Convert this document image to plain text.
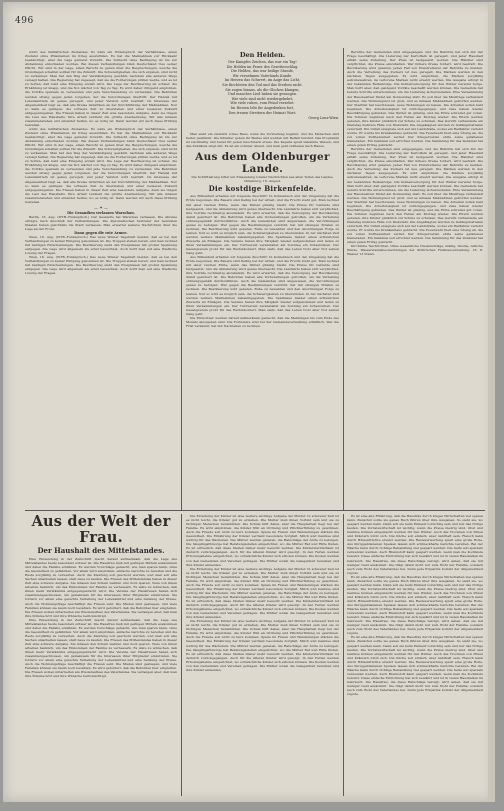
496

wicht des militärischen Zustandes. Es wäre ein Widerspruch der Verhältnisse, einen Zustand ohne Präsidenten im Krieg auszufüllen. Es hat die Maßnahmen zur Rückkehr beabsichtigt, aber die Lage gebietet Vorsicht. Die Schlacht ohne Bedingung ist bis zur Abdankung entschieden worden. Bei diesen Verhandlungen blieb Deutschland treu seiner Pflicht. Wir sind in der Lage, einen Bericht zu geben über die Besprechungen, welche die Grundlagen schaffen sollten für die Zukunft. Die Schwierigkeiten, die sich ergeben, sind nicht zu verkennen. Man hat den Weg der Verständigung gewählt, nachdem alle anderen Wege versagt hatten. Die Regierung hat zugesagt, daß sie die Forderungen prüfen werde, und es ist zu hoffen, daß bald eine Einigung erzielt wird. Die Lage der Bevölkerung ist schwer, die Ernährung ist knapp, und die Not wächst von Tag zu Tag. Es wird daher dringend empfohlen, die Vorräte sparsam zu verwenden und jede Verschwendung zu vermeiden. Die Behörden werden streng gegen jeden vorgehen, der die Verordnungen übertritt. Der Handel mit Lebensmitteln ist genau geregelt, und jeder Verstoß wird bestraft. Im Interesse der Allgemeinheit liegt es, daß alle Kreise mitwirken an der Durchführung der Maßnahmen. Nur so kann es gelingen, die schwere Zeit zu überstehen und einer besseren Zukunft entgegenzugehen. Die Frauen haben in dieser Zeit eine besondere Aufgabe, denn sie tragen die Last des Haushalts. Ihre Arbeit verdient die größte Anerkennung. Wir alle müssen zusammenstehen und einander helfen, wo es nötig ist. Dann werden wir auch diese Prüfung bestehen.

wicht des militärischen Zustandes. Es wäre ein Widerspruch der Verhältnisse, einen Zustand ohne Präsidenten im Krieg auszufüllen. Es hat die Maßnahmen zur Rückkehr beabsichtigt, aber die Lage gebietet Vorsicht. Die Schlacht ohne Bedingung ist bis zur Abdankung entschieden worden. Bei diesen Verhandlungen blieb Deutschland treu seiner Pflicht. Wir sind in der Lage, einen Bericht zu geben über die Besprechungen, welche die Grundlagen schaffen sollten für die Zukunft. Die Schwierigkeiten, die sich ergeben, sind nicht zu verkennen. Man hat den Weg der Verständigung gewählt, nachdem alle anderen Wege versagt hatten. Die Regierung hat zugesagt, daß sie die Forderungen prüfen werde, und es ist zu hoffen, daß bald eine Einigung erzielt wird. Die Lage der Bevölkerung ist schwer, die Ernährung ist knapp, und die Not wächst von Tag zu Tag. Es wird daher dringend empfohlen, die Vorräte sparsam zu verwenden und jede Verschwendung zu vermeiden. Die Behörden werden streng gegen jeden vorgehen, der die Verordnungen übertritt. Der Handel mit Lebensmitteln ist genau geregelt, und jeder Verstoß wird bestraft. Im Interesse der Allgemeinheit liegt es, daß alle Kreise mitwirken an der Durchführung der Maßnahmen. Nur so kann es gelingen, die schwere Zeit zu überstehen und einer besseren Zukunft entgegenzugehen. Die Frauen haben in dieser Zeit eine besondere Aufgabe, denn sie tragen die Last des Haushalts. Ihre Arbeit verdient die größte Anerkennung. Wir alle müssen zusammenstehen und einander helfen, wo es nötig ist. Dann werden wir auch diese Prüfung bestehen.

— ✦ —
Die Gesandten verlassen Warschau.

Berlin, 16. Aug. (WTB.-Funkspruch.) Der Gesandte hat Warschau verlassen. Die Abreise erfolgte nach Abschluß der Verhandlungen. Die diplomatischen Vertreter der neutralen Staaten haben gleichfalls die Stadt verlassen. Man erwartet weitere Nachrichten über die Lage an der Front.

Dann gegen die rote Armee.

Wien, 16. Aug. (WTB.-Funkspruch.) Das neue Wiener Tageblatt meldet, daß es bei den Verhandlungen zu keiner Einigung gekommen ist. Die Truppen stehen bereit, und man rechnet mit baldigen Entscheidungen. Die Bevölkerung sieht den Ereignissen mit großer Spannung entgegen. Die Lage wird allgemein als ernst bezeichnet, doch hofft man auf eine friedliche Lösung der Fragen.

Wien, 16. Aug. (WTB.-Funkspruch.) Das neue Wiener Tageblatt meldet, daß es bei den Verhandlungen zu keiner Einigung gekommen ist. Die Truppen stehen bereit, und man rechnet mit baldigen Entscheidungen. Die Bevölkerung sieht den Ereignissen mit großer Spannung entgegen. Die Lage wird allgemein als ernst bezeichnet, doch hofft man auf eine friedliche Lösung der Fragen.

Den Helden.

Der Kampfes Zeichen, das war ein Tag!

Die Helden im Feuer des Gewitterschlag.

Die Helden, das war heilige Stunde,

Wir vernehmen Vaterlands Kunde.

Im Herzen das Schwert, im Auge das Licht,

Sie fürchteten den Tod und das Sterben nicht.

Sie zogen hinaus, als die Glocken klangen,

Und manches Lied haben sie gesungen.

Wie viele sind nicht wiedergekehrt,

Wie viele ruhen, vom Feind verzehrt.

Im Herzen lebt ihr Angedenken fort,

Den treuen Streitern der Heimat Wort.

Georg Lenz-Wien.

Man sieht ein ziemlich volles Haus, wenn die Vorstellung beginnt, und die Menschen sind heiter gestimmt. Die Künstler geben ihr Bestes und werden mit Beifall belohnt. Das Programm ist reichhaltig und bietet für jeden Geschmack etwas. Die Kapelle spielt bekannte Weisen, und das Publikum singt mit. Es ist ein schöner Abend, und man geht zufrieden nach Hause.

Aus dem Oldenburger Lande.

Die Schriftleitung bittet um Einsendung lokaler Nachrichten aus allen Teilen des Landes. Oldenburg, 16. August.

Die kostdige Birkenfelde.

Aus Birkenfeld erhalten wir folgende Zuschrift: In Kohlenbach und der Umgebung hat die Ernte begonnen. Die Bauern sind fleißig bei der Arbeit, und die Frucht steht gut. Man rechnet mit einer reichen Ernte, wenn das Wetter günstig bleibt. Die Preise für Getreide sind festgesetzt, und die Ablieferung wird genau überwacht. Die Landwirte haben sich verpflichtet, ihre Vorräte rechtzeitig abzuliefern. Es wird erwartet, daß die Versorgung der Bevölkerung damit gesichert ist. Die Behörden haben alle Vorbereitungen getroffen, um die Verteilung ordnungsgemäß durchzuführen. Auch die Gemeinden sind angewiesen, die Verordnungen genau zu befolgen. Wer gegen die Bestimmungen verstößt, hat mit strengen Strafen zu rechnen. Die Bevölkerung wird gebeten, Ruhe zu bewahren und den Anordnungen Folge zu leisten. Nur so wird es möglich sein, die Schwierigkeiten zu überwinden. In der nächsten Zeit werden weitere Maßnahmen bekanntgegeben. Die Sparkasse meldet einen erfreulichen Zuwachs an Einlagen. Die Vereine haben ihre Tätigkeit wieder aufgenommen und laden zu ihren Versammlungen ein. Der Turnverein veranstaltet am Sonntag ein Schauturnen. Der Gesangverein probt für das Herbstkonzert. Man sieht, daß das Leben trotz aller Not seinen Gang geht.

Aus Birkenfeld erhalten wir folgende Zuschrift: In Kohlenbach und der Umgebung hat die Ernte begonnen. Die Bauern sind fleißig bei der Arbeit, und die Frucht steht gut. Man rechnet mit einer reichen Ernte, wenn das Wetter günstig bleibt. Die Preise für Getreide sind festgesetzt, und die Ablieferung wird genau überwacht. Die Landwirte haben sich verpflichtet, ihre Vorräte rechtzeitig abzuliefern. Es wird erwartet, daß die Versorgung der Bevölkerung damit gesichert ist. Die Behörden haben alle Vorbereitungen getroffen, um die Verteilung ordnungsgemäß durchzuführen. Auch die Gemeinden sind angewiesen, die Verordnungen genau zu befolgen. Wer gegen die Bestimmungen verstößt, hat mit strengen Strafen zu rechnen. Die Bevölkerung wird gebeten, Ruhe zu bewahren und den Anordnungen Folge zu leisten. Nur so wird es möglich sein, die Schwierigkeiten zu überwinden. In der nächsten Zeit werden weitere Maßnahmen bekanntgegeben. Die Sparkasse meldet einen erfreulichen Zuwachs an Einlagen. Die Vereine haben ihre Tätigkeit wieder aufgenommen und laden zu ihren Versammlungen ein. Der Turnverein veranstaltet am Sonntag ein Schauturnen. Der Gesangverein probt für das Herbstkonzert. Man sieht, daß das Leben trotz aller Not seinen Gang geht.

Die Einwohner werden darauf aufmerksam gemacht, daß die Meldungen bis zum Ende des Monats abzugeben sind. Die Formulare sind bei der Gemeindeverwaltung erhältlich. Wer die Frist versäumt, hat mit Nachteilen zu rechnen.

Berichte der Gemeinden sind eingegangen, und die Behörde hat sich mit der Frage beschäftigt. Die Lieferung der Kartoffeln ist geregelt, und jeder Haushalt erhält seine Zuteilung. Der Preis ist festgesetzt worden. Die Händler sind verpflichtet, die Preise einzuhalten. Wer höhere Preise fordert, wird bestraft. Die Bevölkerung wird gebeten, jeden Fall von Preistreiberei der Behörde zu melden. Auch die Verteilung des Zuckers ist neu geregelt. Die Marken werden in den nächsten Tagen ausgegeben. Es wird empfohlen, die Marken sorgfältig aufzubewahren, da verlorene Marken nicht ersetzt werden. Die Ausgabe erfolgt in der bekannten Reihenfolge. Die Kohlenversorgung für den Winter bereitet Sorge. Man hofft aber, daß genügend Vorräte beschafft werden können. Die Gemeinde hat bereits Schritte unternommen, um die Lieferung sicherzustellen. Eine Versammlung der Hausbesitzer findet am Donnerstag statt. Es soll über die Mietfrage verhandelt werden. Die Wohnungsnot ist groß, und es müssen Maßnahmen getroffen werden. Der Stadtrat hat beschlossen, neue Wohnungen zu bauen. Die Arbeiten sollen bald beginnen. Die Arbeitslosigkeit ist zurückgegangen, und viele haben wieder Beschäftigung gefunden. Das Wetter ist günstig, und die Ernte schreitet gut voran. Die Schulen beginnen nach den Ferien am Montag wieder. Die Eltern werden gebeten, ihre Kinder pünktlich zur Schule zu schicken. Das Gericht verhandelte am Dienstag mehrere Fälle von Diebstahl. Die Angeklagten wurden zu Gefängnisstrafen verurteilt. Ein Unfall ereignete sich auf der Landstraße, wobei ein Radfahrer verletzt wurde. Er wurde ins Krankenhaus gebracht. Die Feuerwehr hielt eine Übung ab, die zur vollen Zufriedenheit verlief. Der Kriegerverein ehrte seine gefallenen Kameraden. Ein Denkmal soll errichtet werden. Die Sammlung für das Denkmal hat einen guten Ertrag gebracht.

Berichte der Gemeinden sind eingegangen, und die Behörde hat sich mit der Frage beschäftigt. Die Lieferung der Kartoffeln ist geregelt, und jeder Haushalt erhält seine Zuteilung. Der Preis ist festgesetzt worden. Die Händler sind verpflichtet, die Preise einzuhalten. Wer höhere Preise fordert, wird bestraft. Die Bevölkerung wird gebeten, jeden Fall von Preistreiberei der Behörde zu melden. Auch die Verteilung des Zuckers ist neu geregelt. Die Marken werden in den nächsten Tagen ausgegeben. Es wird empfohlen, die Marken sorgfältig aufzubewahren, da verlorene Marken nicht ersetzt werden. Die Ausgabe erfolgt in der bekannten Reihenfolge. Die Kohlenversorgung für den Winter bereitet Sorge. Man hofft aber, daß genügend Vorräte beschafft werden können. Die Gemeinde hat bereits Schritte unternommen, um die Lieferung sicherzustellen. Eine Versammlung der Hausbesitzer findet am Donnerstag statt. Es soll über die Mietfrage verhandelt werden. Die Wohnungsnot ist groß, und es müssen Maßnahmen getroffen werden. Der Stadtrat hat beschlossen, neue Wohnungen zu bauen. Die Arbeiten sollen bald beginnen. Die Arbeitslosigkeit ist zurückgegangen, und viele haben wieder Beschäftigung gefunden. Das Wetter ist günstig, und die Ernte schreitet gut voran. Die Schulen beginnen nach den Ferien am Montag wieder. Die Eltern werden gebeten, ihre Kinder pünktlich zur Schule zu schicken. Das Gericht verhandelte am Dienstag mehrere Fälle von Diebstahl. Die Angeklagten wurden zu Gefängnisstrafen verurteilt. Ein Unfall ereignete sich auf der Landstraße, wobei ein Radfahrer verletzt wurde. Er wurde ins Krankenhaus gebracht. Die Feuerwehr hielt eine Übung ab, die zur vollen Zufriedenheit verlief. Der Kriegerverein ehrte seine gefallenen Kameraden. Ein Denkmal soll errichtet werden. Die Sammlung für das Denkmal hat einen guten Ertrag gebracht.

Kirchliche Nachrichten. Ohne wesentliche Niederschläge, mäßig, frische, östliche Winde. Wasserstandsbeobachtungen der Stöhrlichen Flußbauverwaltung: 16. 8. Wasser 13 Stand.

Aus der Welt der Frau.
Der Haushalt des Mittelstandes.

Eine Einsendung in der Zeitschrift macht darauf aufmerksam, daß die Lage des Mittelstandes heute besonders schwer ist. Die Hausfrau muß mit geringen Mitteln auskommen und dabei die Familie ernähren. Es werden Vorschläge gemacht, wie man sparen kann, ohne die Gesundheit zu gefährden. Vor allem wird empfohlen, einfache Gerichte zu bereiten und die Reste sorgfältig zu verwerten. Auch die Kleidung soll geschont werden, und man soll alte Sachen umarbeiten lassen, statt neue zu kaufen. Die Frauen des Mittelstandes haben in dieser Zeit eine schwere Aufgabe. Sie müssen den Schein wahren und doch sparen. Viele von ihnen arbeiten heimlich, um das Einkommen der Familie zu verbessern. Es wäre zu wünschen, daß ihnen mehr Verständnis entgegengebracht wird. Die Vereine der Hausfrauen haben sich zusammengeschlossen, um gemeinsam für die Interessen ihrer Mitglieder einzutreten. Sie fordern vor allem eine gerechte Verteilung der Lebensmittel und eine Senkung der Preise. Auch die Wohnungsfrage beschäftigt die Frauen sehr. Die Mieten sind gestiegen, und viele Familien können sie kaum noch bezahlen. Es wird gefordert, daß die Behörden hier eingreifen. Die Frauen wollen mitarbeiten am Wiederaufbau des Vaterlandes. Sie verlangen aber, daß man ihre Stimme hört und ihre Wünsche berücksichtigt.

Eine Einsendung in der Zeitschrift macht darauf aufmerksam, daß die Lage des Mittelstandes heute besonders schwer ist. Die Hausfrau muß mit geringen Mitteln auskommen und dabei die Familie ernähren. Es werden Vorschläge gemacht, wie man sparen kann, ohne die Gesundheit zu gefährden. Vor allem wird empfohlen, einfache Gerichte zu bereiten und die Reste sorgfältig zu verwerten. Auch die Kleidung soll geschont werden, und man soll alte Sachen umarbeiten lassen, statt neue zu kaufen. Die Frauen des Mittelstandes haben in dieser Zeit eine schwere Aufgabe. Sie müssen den Schein wahren und doch sparen. Viele von ihnen arbeiten heimlich, um das Einkommen der Familie zu verbessern. Es wäre zu wünschen, daß ihnen mehr Verständnis entgegengebracht wird. Die Vereine der Hausfrauen haben sich zusammengeschlossen, um gemeinsam für die Interessen ihrer Mitglieder einzutreten. Sie fordern vor allem eine gerechte Verteilung der Lebensmittel und eine Senkung der Preise. Auch die Wohnungsfrage beschäftigt die Frauen sehr. Die Mieten sind gestiegen, und viele Familien können sie kaum noch bezahlen. Es wird gefordert, daß die Behörden hier eingreifen. Die Frauen wollen mitarbeiten am Wiederaufbau des Vaterlandes. Sie verlangen aber, daß man ihre Stimme hört und ihre Wünsche berücksichtigt.

Die Erziehung der Kinder ist eine weitere wichtige Aufgabe der Mutter. In schwerer Zeit ist es nicht leicht, die Kinder gut zu erziehen. Die Mutter muß ihnen Vorbild sein und sie zu tüchtigen Menschen heranbilden. Die Schule hilft dabei, aber die Hauptarbeit liegt bei der Familie. Es wird empfohlen, die Kinder früh an Ordnung und Pflichterfüllung zu gewöhnen. Auch die Freude soll nicht zu kurz kommen. Spiele im Freien und Wanderungen stärken die Gesundheit. Die Ernährung der Kinder verdient besondere Sorgfalt. Milch und Gemüse sind wichtig für das Wachstum. Die Mütter werden gebeten, die Ratschläge der Ärzte zu befolgen. Die Säuglingsfürsorge hat Beratungsstellen eingerichtet, wo die Mütter Rat und Hilfe finden. Es ist erfreulich, daß diese Stellen immer mehr besucht werden. Die Kindersterblichkeit ist dadurch zurückgegangen. Auch für die älteren Kinder wird gesorgt. In den Ferien werden Erholungsheime eingerichtet, wo schwächliche Kinder sich erholen können. Die Kosten werden von den Gemeinden und Vereinen getragen. Die Mütter sollen die Gelegenheit benutzen und ihre Kinder anmelden.

Die Erziehung der Kinder ist eine weitere wichtige Aufgabe der Mutter. In schwerer Zeit ist es nicht leicht, die Kinder gut zu erziehen. Die Mutter muß ihnen Vorbild sein und sie zu tüchtigen Menschen heranbilden. Die Schule hilft dabei, aber die Hauptarbeit liegt bei der Familie. Es wird empfohlen, die Kinder früh an Ordnung und Pflichterfüllung zu gewöhnen. Auch die Freude soll nicht zu kurz kommen. Spiele im Freien und Wanderungen stärken die Gesundheit. Die Ernährung der Kinder verdient besondere Sorgfalt. Milch und Gemüse sind wichtig für das Wachstum. Die Mütter werden gebeten, die Ratschläge der Ärzte zu befolgen. Die Säuglingsfürsorge hat Beratungsstellen eingerichtet, wo die Mütter Rat und Hilfe finden. Es ist erfreulich, daß diese Stellen immer mehr besucht werden. Die Kindersterblichkeit ist dadurch zurückgegangen. Auch für die älteren Kinder wird gesorgt. In den Ferien werden Erholungsheime eingerichtet, wo schwächliche Kinder sich erholen können. Die Kosten werden von den Gemeinden und Vereinen getragen. Die Mütter sollen die Gelegenheit benutzen und ihre Kinder anmelden.

Die Erziehung der Kinder ist eine weitere wichtige Aufgabe der Mutter. In schwerer Zeit ist es nicht leicht, die Kinder gut zu erziehen. Die Mutter muß ihnen Vorbild sein und sie zu tüchtigen Menschen heranbilden. Die Schule hilft dabei, aber die Hauptarbeit liegt bei der Familie. Es wird empfohlen, die Kinder früh an Ordnung und Pflichterfüllung zu gewöhnen. Auch die Freude soll nicht zu kurz kommen. Spiele im Freien und Wanderungen stärken die Gesundheit. Die Ernährung der Kinder verdient besondere Sorgfalt. Milch und Gemüse sind wichtig für das Wachstum. Die Mütter werden gebeten, die Ratschläge der Ärzte zu befolgen. Die Säuglingsfürsorge hat Beratungsstellen eingerichtet, wo die Mütter Rat und Hilfe finden. Es ist erfreulich, daß diese Stellen immer mehr besucht werden. Die Kindersterblichkeit ist dadurch zurückgegangen. Auch für die älteren Kinder wird gesorgt. In den Ferien werden Erholungsheime eingerichtet, wo schwächliche Kinder sich erholen können. Die Kosten werden von den Gemeinden und Vereinen getragen. Die Mütter sollen die Gelegenheit benutzen und ihre Kinder anmelden.

Es ist eine alte Erfahrung, daß die Hausfrau durch kluges Wirtschaften viel sparen kann. Zunächst sollte sie genau Buch führen über ihre Ausgaben. So sieht sie, wo gespart werden kann. Dann soll sie beim Einkauf vorsichtig sein und nur das Nötige kaufen. Die Vorratswirtschaft ist wichtig, wenn die Preise niedrig sind. Obst und Gemüse können eingemacht werden für den Winter. Auch das Trocknen von Pilzen und Kräutern lohnt sich. Die Küche soll einfach, aber nahrhaft sein. Fleisch kann durch Hülsenfrüchte ersetzt werden. Die Resteverwertung spielt eine große Rolle. Aus übriggebliebenen Speisen lassen sich schmackhafte Gerichte bereiten. Bei der Wäsche kann durch richtige Behandlung viel gespart werden. Die Seife soll sparsam verwendet werden. Auch Brennstoff kann gespart werden, wenn man die Kochkiste benutzt. Diese einfache Einrichtung hat sich bewährt und ist in vielen Haushalten im Gebrauch. Die Hausfrau, die diese Ratschläge befolgt, wird sehen, daß sie mit weniger Geld auskommt. Sie trägt damit nicht nur zum Wohl der Familie, sondern auch zum Wohl des Vaterlandes bei. Denn jede Ersparnis kommt der Allgemeinheit zugute.

Es ist eine alte Erfahrung, daß die Hausfrau durch kluges Wirtschaften viel sparen kann. Zunächst sollte sie genau Buch führen über ihre Ausgaben. So sieht sie, wo gespart werden kann. Dann soll sie beim Einkauf vorsichtig sein und nur das Nötige kaufen. Die Vorratswirtschaft ist wichtig, wenn die Preise niedrig sind. Obst und Gemüse können eingemacht werden für den Winter. Auch das Trocknen von Pilzen und Kräutern lohnt sich. Die Küche soll einfach, aber nahrhaft sein. Fleisch kann durch Hülsenfrüchte ersetzt werden. Die Resteverwertung spielt eine große Rolle. Aus übriggebliebenen Speisen lassen sich schmackhafte Gerichte bereiten. Bei der Wäsche kann durch richtige Behandlung viel gespart werden. Die Seife soll sparsam verwendet werden. Auch Brennstoff kann gespart werden, wenn man die Kochkiste benutzt. Diese einfache Einrichtung hat sich bewährt und ist in vielen Haushalten im Gebrauch. Die Hausfrau, die diese Ratschläge befolgt, wird sehen, daß sie mit weniger Geld auskommt. Sie trägt damit nicht nur zum Wohl der Familie, sondern auch zum Wohl des Vaterlandes bei. Denn jede Ersparnis kommt der Allgemeinheit zugute.

Es ist eine alte Erfahrung, daß die Hausfrau durch kluges Wirtschaften viel sparen kann. Zunächst sollte sie genau Buch führen über ihre Ausgaben. So sieht sie, wo gespart werden kann. Dann soll sie beim Einkauf vorsichtig sein und nur das Nötige kaufen. Die Vorratswirtschaft ist wichtig, wenn die Preise niedrig sind. Obst und Gemüse können eingemacht werden für den Winter. Auch das Trocknen von Pilzen und Kräutern lohnt sich. Die Küche soll einfach, aber nahrhaft sein. Fleisch kann durch Hülsenfrüchte ersetzt werden. Die Resteverwertung spielt eine große Rolle. Aus übriggebliebenen Speisen lassen sich schmackhafte Gerichte bereiten. Bei der Wäsche kann durch richtige Behandlung viel gespart werden. Die Seife soll sparsam verwendet werden. Auch Brennstoff kann gespart werden, wenn man die Kochkiste benutzt. Diese einfache Einrichtung hat sich bewährt und ist in vielen Haushalten im Gebrauch. Die Hausfrau, die diese Ratschläge befolgt, wird sehen, daß sie mit weniger Geld auskommt. Sie trägt damit nicht nur zum Wohl der Familie, sondern auch zum Wohl des Vaterlandes bei. Denn jede Ersparnis kommt der Allgemeinheit zugute.
